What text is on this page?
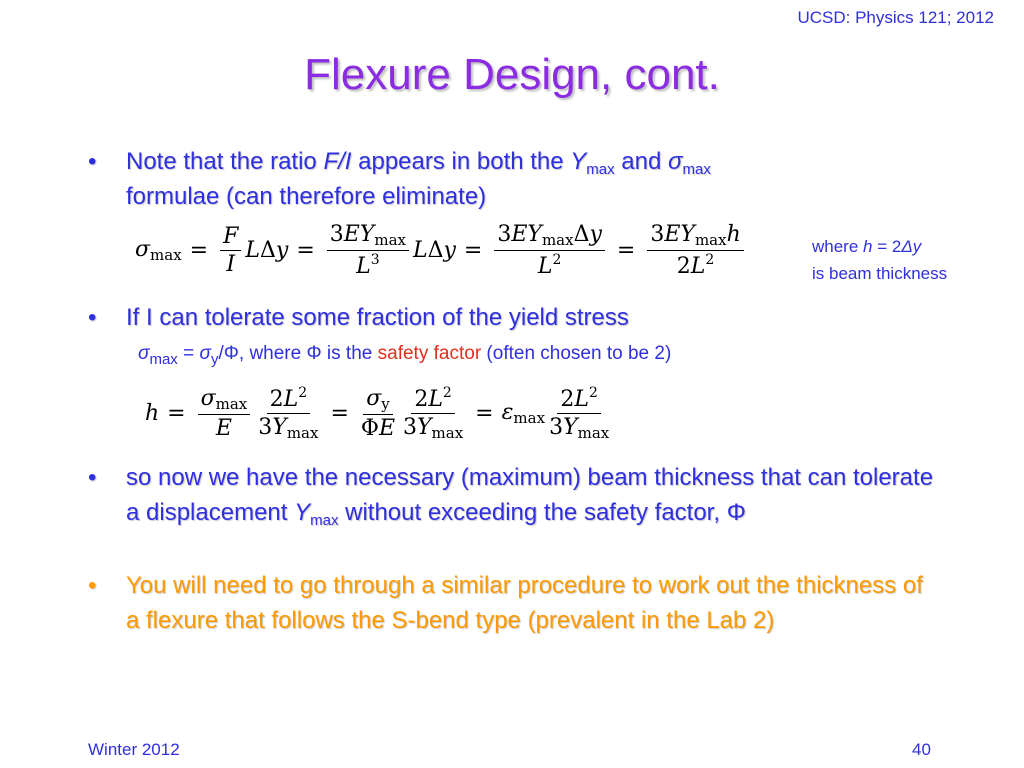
UCSD: Physics 121; 2012
Flexure Design, cont.
• Note that the ratio F/I appears in both the $Y_{max}$ and $\sigma_{max}$
formulae (can therefore eliminate)
$\sigma\max = \frac{F}{I}$ $L\Delta y = \frac{3EYmax}{L^3}$ $L\Delta y = \frac{3EYmax\Delta y}{L^2} = \frac{3EYmaxh}{2L^2}$	where h = 2Δy
is beam thickness
• If I can tolerate some fraction of the yield stress
$\sigma_{max} = \sigma_y/\Phi$, where Φ is the safety factor (often chosen to be 2)
$h = \frac{\sigma\max}{E} \frac{2L^2}{3Ymax} = \frac{\sigma y}{\Phi E} \frac{2L^2}{3Ymax} = \varepsilon\max \frac{2L^2}{3Ymax}$
• so now we have the necessary (maximum) beam thickness that can tolerate a displacement $Y_{max}$ without exceeding the safety factor, Φ
• You will need to go through a similar procedure to work out the thickness of a flexure that follows the S-bend type (prevalent in the Lab 2)
Winter 2012	40
